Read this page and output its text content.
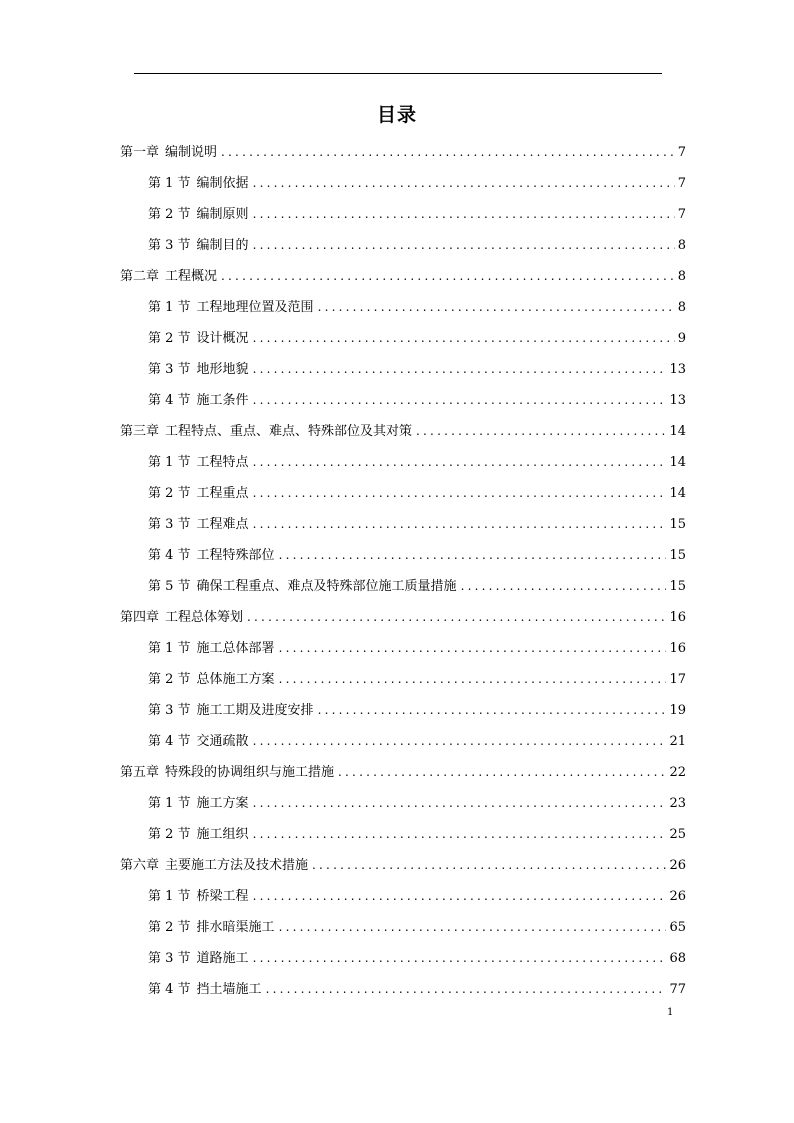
目录
第一章 编制说明 .....	7
第 1 节 编制依据 .....	7
第 2 节 编制原则 .....	7
第 3 节 编制目的 .....	8
第二章 工程概况 .....	8
第 1 节 工程地理位置及范围 .....	8
第 2 节 设计概况 .....	9
第 3 节 地形地貌 .....	13
第 4 节 施工条件 .....	13
第三章 工程特点、重点、难点、特殊部位及其对策 .....	14
第 1 节 工程特点 .....	14
第 2 节 工程重点 .....	14
第 3 节 工程难点 .....	15
第 4 节 工程特殊部位 .....	15
第 5 节 确保工程重点、难点及特殊部位施工质量措施 .....	15
第四章 工程总体筹划 .....	16
第 1 节 施工总体部署 .....	16
第 2 节 总体施工方案 .....	17
第 3 节 施工工期及进度安排 .....	19
第 4 节 交通疏散 .....	21
第五章 特殊段的协调组织与施工措施 .....	22
第 1 节 施工方案 .....	23
第 2 节 施工组织 .....	25
第六章 主要施工方法及技术措施 .....	26
第 1 节 桥梁工程 .....	26
第 2 节 排水暗渠施工 .....	65
第 3 节 道路施工 .....	68
第 4 节 挡土墙施工 .....	77
1
